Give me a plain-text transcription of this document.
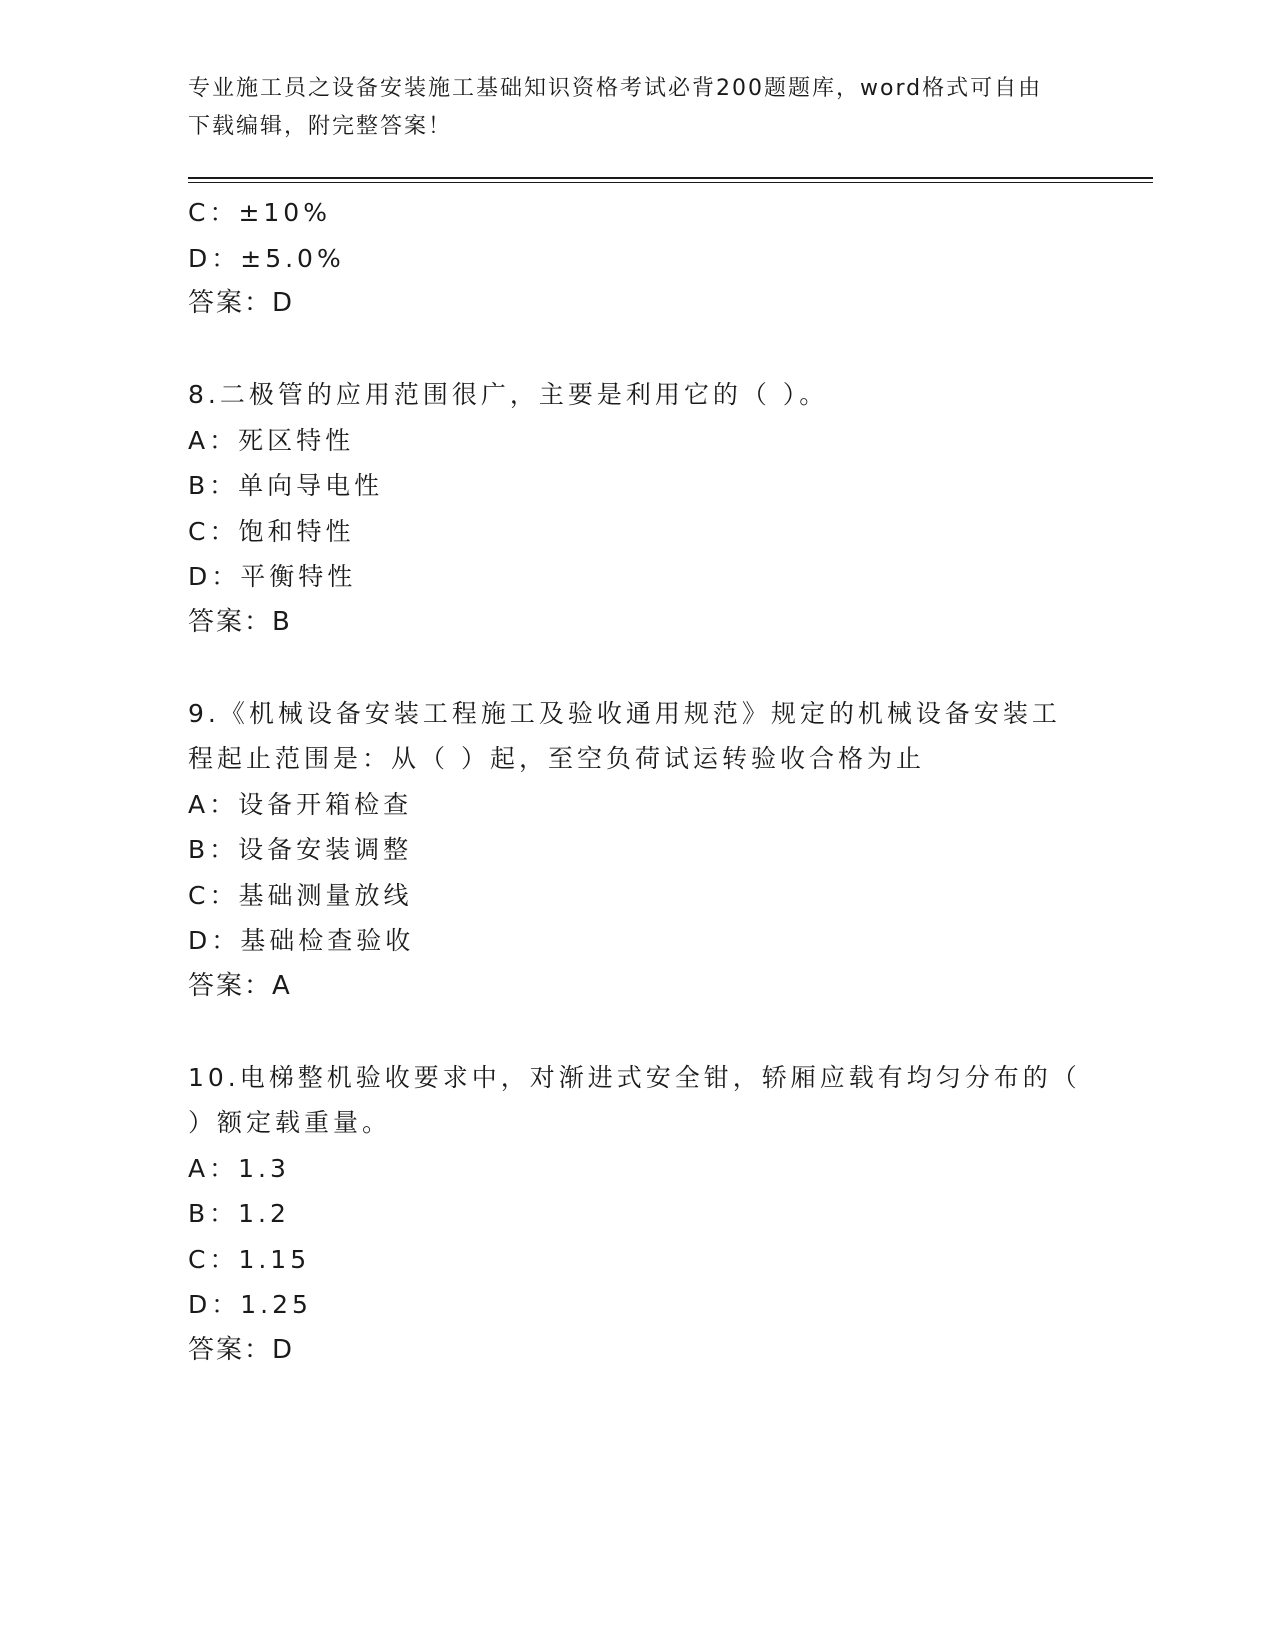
专业施工员之设备安装施工基础知识资格考试必背200题题库，word格式可自由
下载编辑，附完整答案！
C：±10%
D：±5.0%
答案：D
8.二极管的应用范围很广，主要是利用它的（ ）。
A：死区特性
B：单向导电性
C：饱和特性
D：平衡特性
答案：B
9.《机械设备安装工程施工及验收通用规范》规定的机械设备安装工
程起止范围是：从（ ）起，至空负荷试运转验收合格为止
A：设备开箱检查
B：设备安装调整
C：基础测量放线
D：基础检查验收
答案：A
10.电梯整机验收要求中，对渐进式安全钳，轿厢应载有均匀分布的（
）额定载重量。
A：1.3
B：1.2
C：1.15
D：1.25
答案：D
